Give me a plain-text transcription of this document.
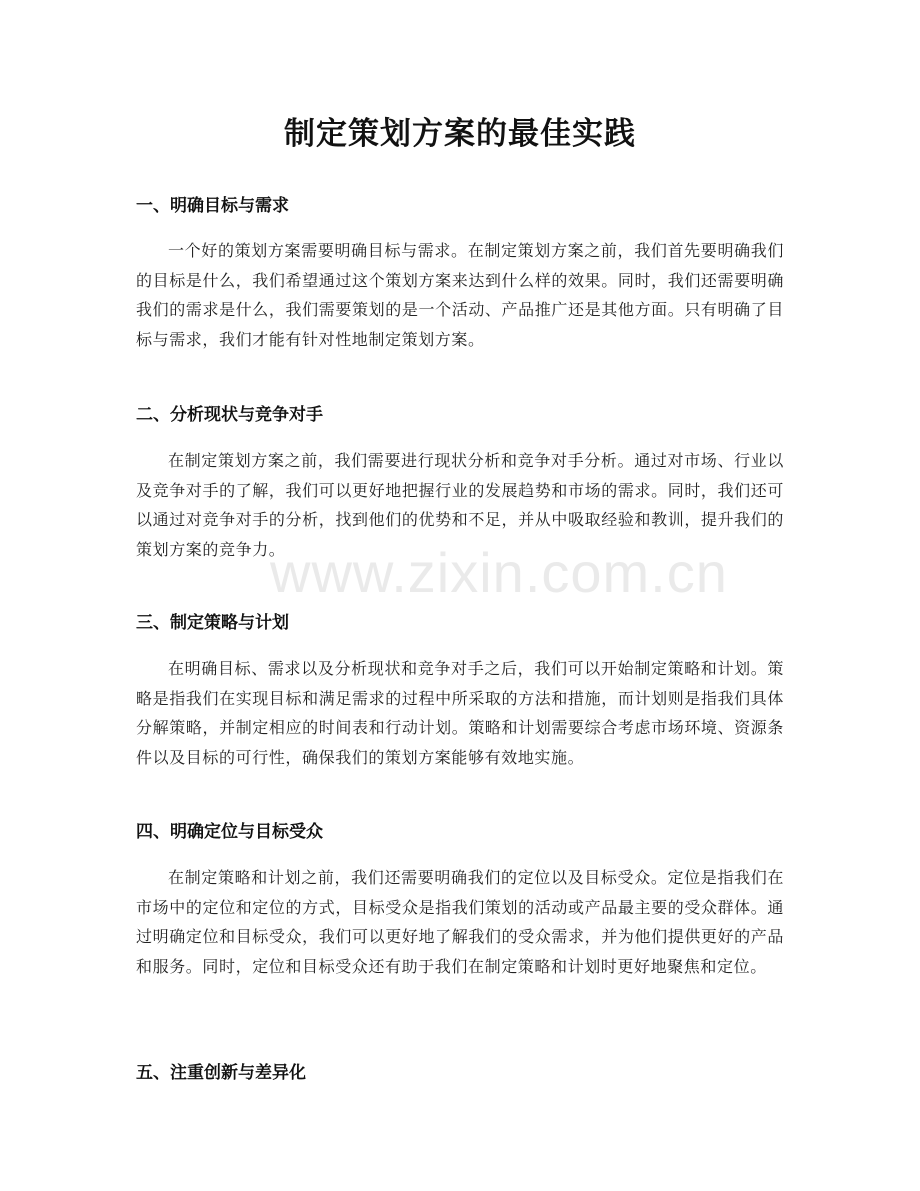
制定策划方案的最佳实践
一、明确目标与需求

一个好的策划方案需要明确目标与需求。在制定策划方案之前，我们首先要明确我们的目标是什么，我们希望通过这个策划方案来达到什么样的效果。同时，我们还需要明确我们的需求是什么，我们需要策划的是一个活动、产品推广还是其他方面。只有明确了目标与需求，我们才能有针对性地制定策划方案。

二、分析现状与竞争对手

在制定策划方案之前，我们需要进行现状分析和竞争对手分析。通过对市场、行业以及竞争对手的了解，我们可以更好地把握行业的发展趋势和市场的需求。同时，我们还可以通过对竞争对手的分析，找到他们的优势和不足，并从中吸取经验和教训，提升我们的策划方案的竞争力。

三、制定策略与计划

在明确目标、需求以及分析现状和竞争对手之后，我们可以开始制定策略和计划。策略是指我们在实现目标和满足需求的过程中所采取的方法和措施，而计划则是指我们具体分解策略，并制定相应的时间表和行动计划。策略和计划需要综合考虑市场环境、资源条件以及目标的可行性，确保我们的策划方案能够有效地实施。

四、明确定位与目标受众

在制定策略和计划之前，我们还需要明确我们的定位以及目标受众。定位是指我们在市场中的定位和定位的方式，目标受众是指我们策划的活动或产品最主要的受众群体。通过明确定位和目标受众，我们可以更好地了解我们的受众需求，并为他们提供更好的产品和服务。同时，定位和目标受众还有助于我们在制定策略和计划时更好地聚焦和定位。

五、注重创新与差异化
www.zixin.com.cn
